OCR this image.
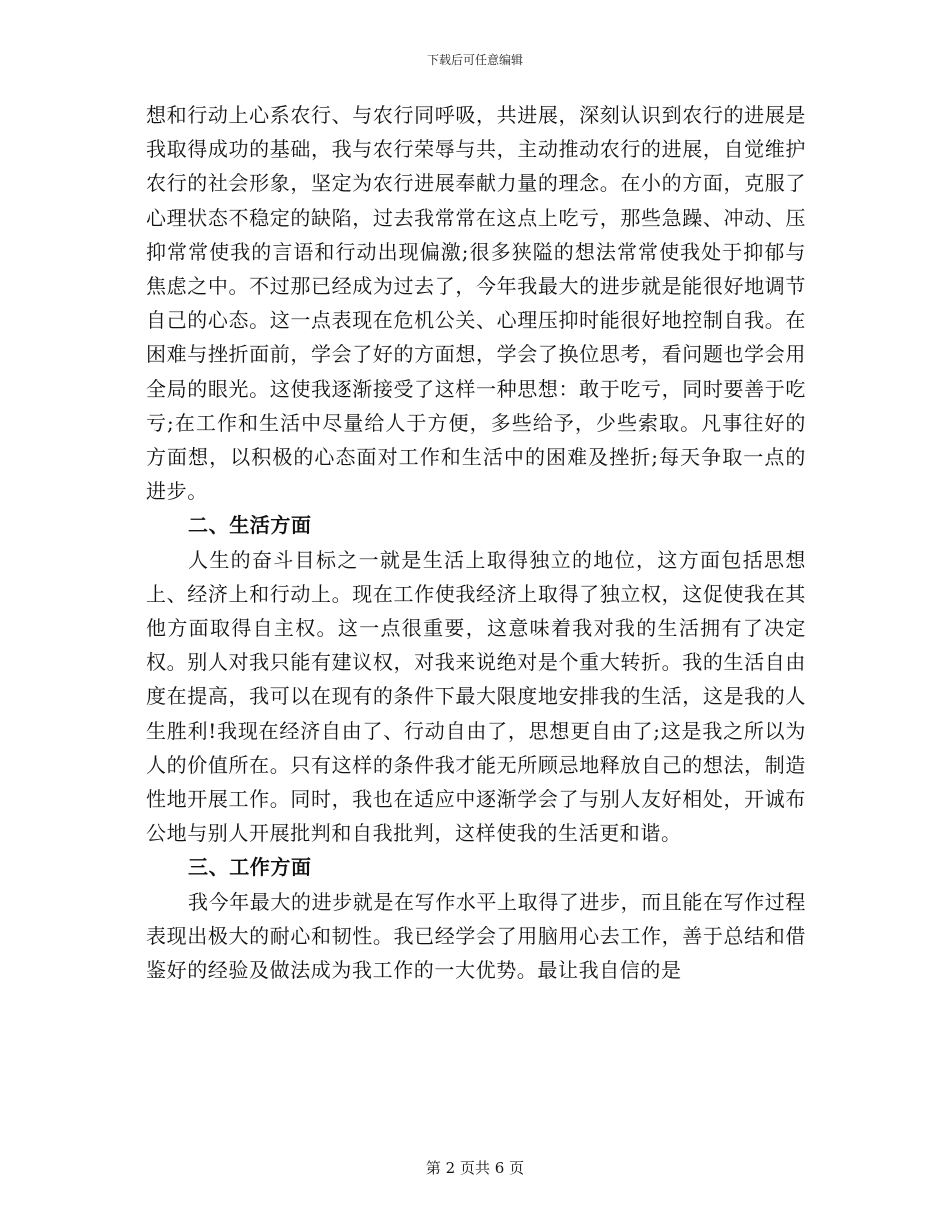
下载后可任意编辑

想和行动上心系农行、与农行同呼吸，共进展，深刻认识到农行的进展是我取得成功的基础，我与农行荣辱与共，主动推动农行的进展，自觉维护农行的社会形象，坚定为农行进展奉献力量的理念。在小的方面，克服了心理状态不稳定的缺陷，过去我常常在这点上吃亏，那些急躁、冲动、压抑常常使我的言语和行动出现偏激;很多狭隘的想法常常使我处于抑郁与焦虑之中。不过那已经成为过去了，今年我最大的进步就是能很好地调节自己的心态。这一点表现在危机公关、心理压抑时能很好地控制自我。在困难与挫折面前，学会了好的方面想，学会了换位思考，看问题也学会用全局的眼光。这使我逐渐接受了这样一种思想：敢于吃亏，同时要善于吃亏;在工作和生活中尽量给人于方便，多些给予，少些索取。凡事往好的方面想，以积极的心态面对工作和生活中的困难及挫折;每天争取一点的进步。

二、生活方面

人生的奋斗目标之一就是生活上取得独立的地位，这方面包括思想上、经济上和行动上。现在工作使我经济上取得了独立权，这促使我在其他方面取得自主权。这一点很重要，这意味着我对我的生活拥有了决定权。别人对我只能有建议权，对我来说绝对是个重大转折。我的生活自由度在提高，我可以在现有的条件下最大限度地安排我的生活，这是我的人生胜利!我现在经济自由了、行动自由了，思想更自由了;这是我之所以为人的价值所在。只有这样的条件我才能无所顾忌地释放自己的想法，制造性地开展工作。同时，我也在适应中逐渐学会了与别人友好相处，开诚布公地与别人开展批判和自我批判，这样使我的生活更和谐。

三、工作方面

我今年最大的进步就是在写作水平上取得了进步，而且能在写作过程表现出极大的耐心和韧性。我已经学会了用脑用心去工作，善于总结和借鉴好的经验及做法成为我工作的一大优势。最让我自信的是

第 2 页共 6 页
